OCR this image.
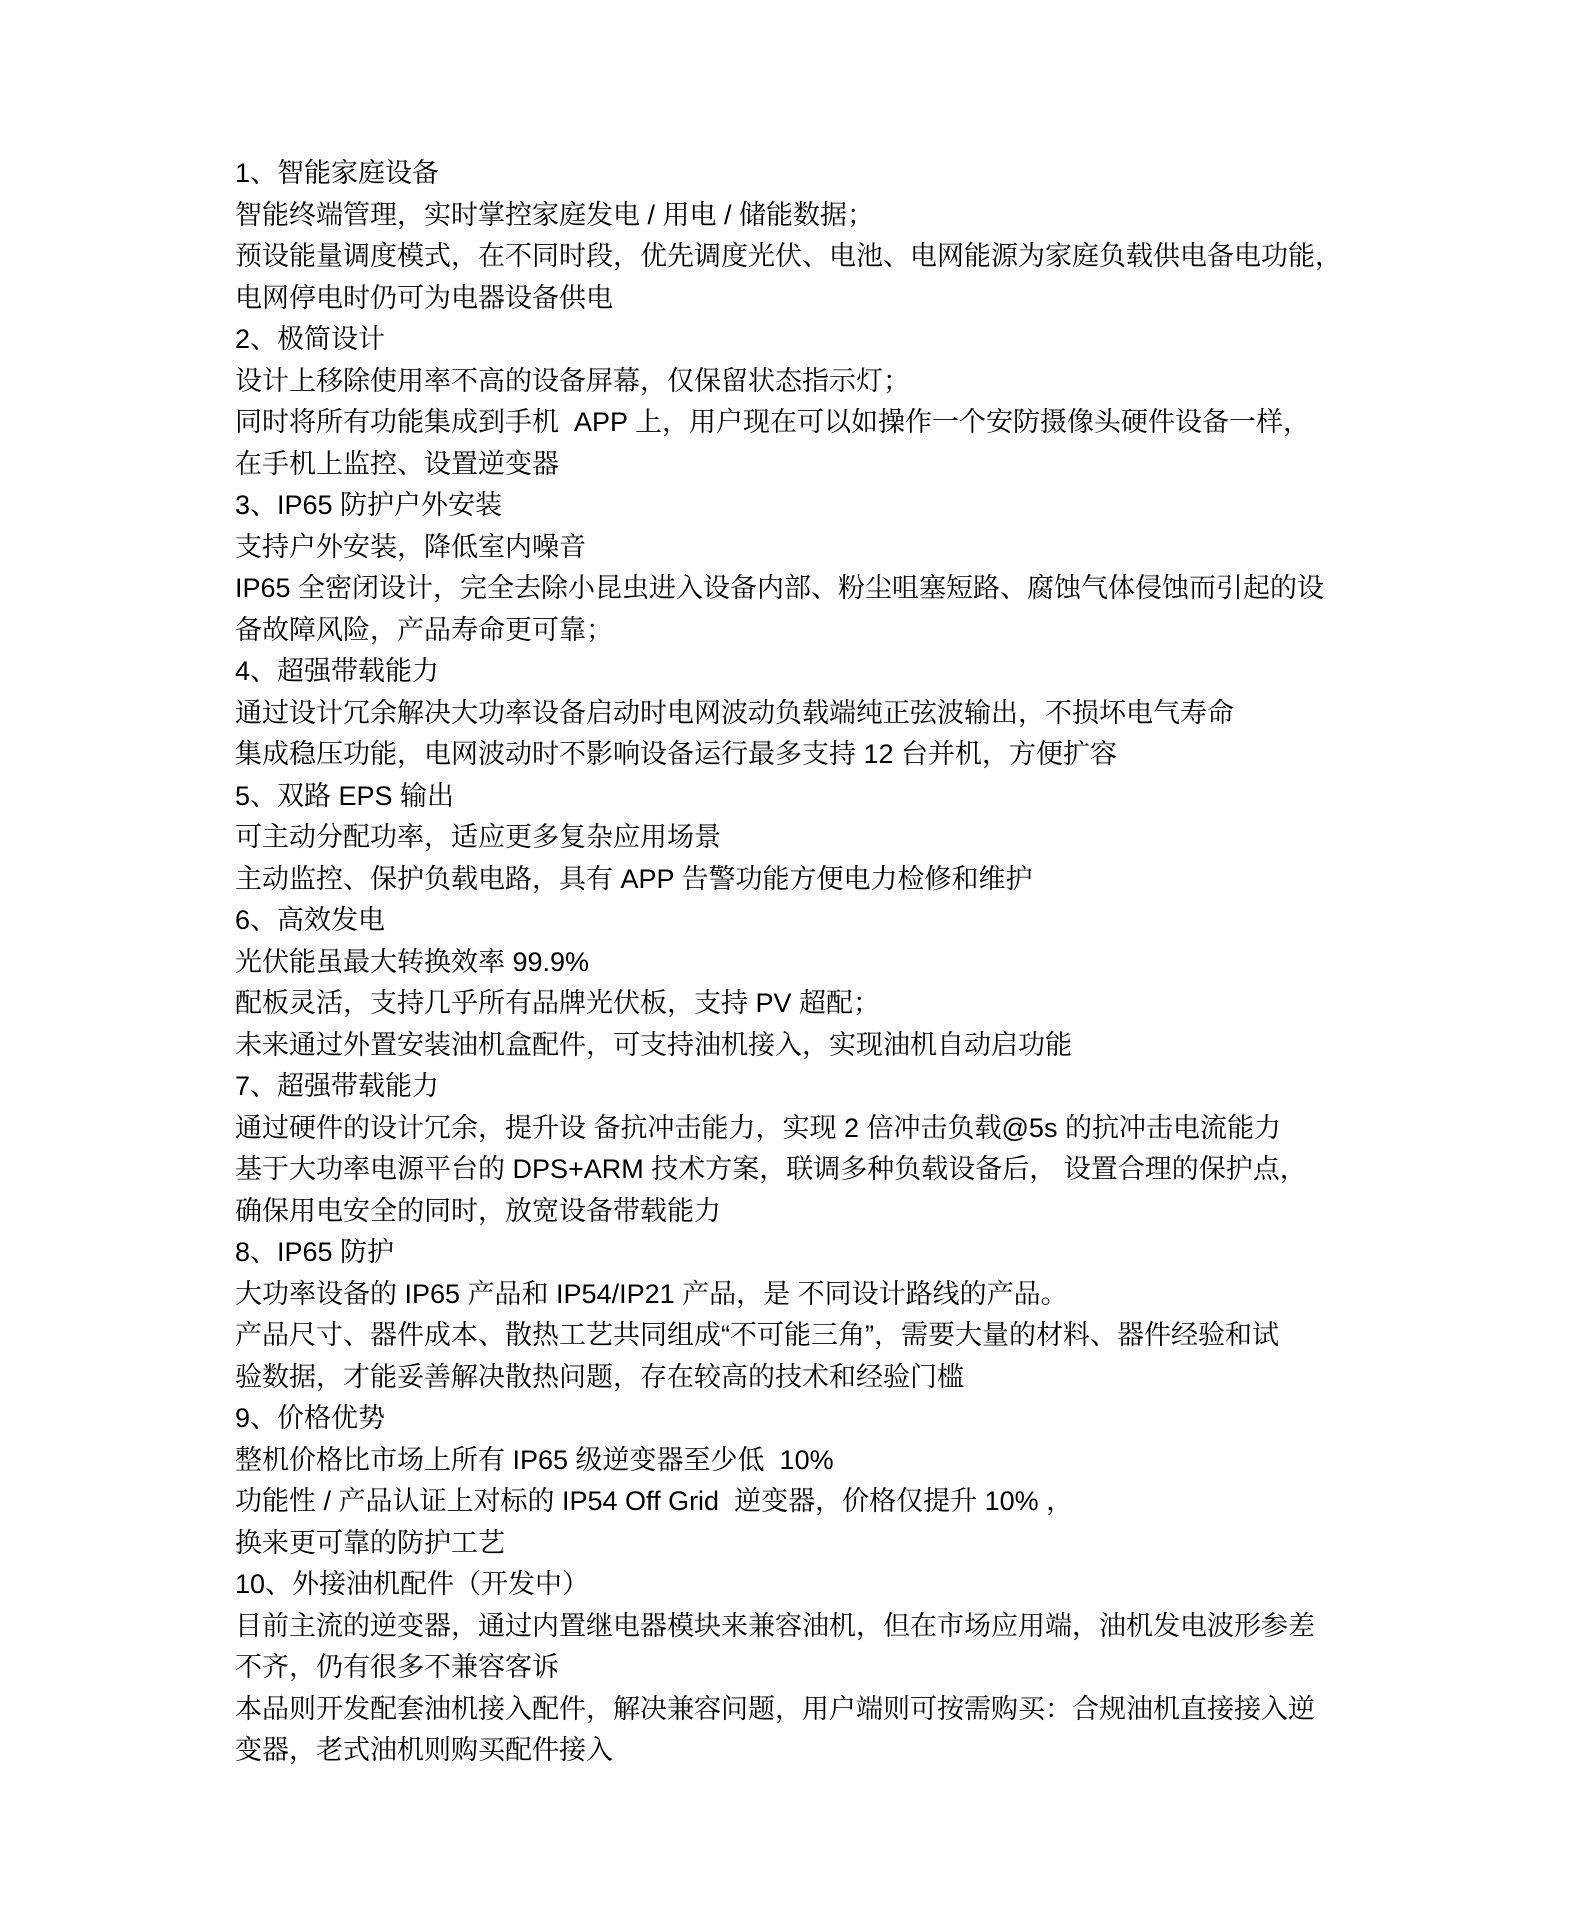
1、智能家庭设备
智能终端管理，实时掌控家庭发电 / 用电 / 储能数据；
预设能量调度模式，在不同时段，优先调度光伏、电池、电网能源为家庭负载供电备电功能，
电网停电时仍可为电器设备供电
2、极简设计
设计上移除使用率不高的设备屏幕，仅保留状态指示灯；
同时将所有功能集成到手机  APP 上，用户现在可以如操作一个安防摄像头硬件设备一样，
在手机上监控、设置逆变器
3、IP65 防护户外安装
支持户外安装，降低室内噪音
IP65 全密闭设计，完全去除小昆虫进入设备内部、粉尘咀塞短路、腐蚀气体侵蚀而引起的设
备故障风险，产品寿命更可靠；
4、超强带载能力
通过设计冗余解决大功率设备启动时电网波动负载端纯正弦波输出，不损坏电气寿命
集成稳压功能，电网波动时不影响设备运行最多支持 12 台并机，方便扩容
5、双路 EPS 输出
可主动分配功率，适应更多复杂应用场景
主动监控、保护负载电路，具有 APP 告警功能方便电力检修和维护
6、高效发电
光伏能虽最大转换效率 99.9%
配板灵活，支持几乎所有品牌光伏板，支持 PV 超配；
未来通过外置安装油机盒配件，可支持油机接入，实现油机自动启功能
7、超强带载能力
通过硬件的设计冗余，提升设 备抗冲击能力，实现 2 倍冲击负载@5s 的抗冲击电流能力
基于大功率电源平台的 DPS+ARM 技术方案，联调多种负载设备后， 设置合理的保护点，
确保用电安全的同时，放宽设备带载能力
8、IP65 防护
大功率设备的 IP65 产品和 IP54/IP21 产品，是 不同设计路线的产品。
产品尺寸、器件成本、散热工艺共同组成“不可能三角”，需要大量的材料、器件经验和试
验数据，才能妥善解决散热问题，存在较高的技术和经验门槛
9、价格优势
整机价格比市场上所有 IP65 级逆变器至少低  10%
功能性 / 产品认证上对标的 IP54 Off Grid  逆变器，价格仅提升 10% ，
换来更可靠的防护工艺
10、外接油机配件（开发中）
目前主流的逆变器，通过内置继电器模块来兼容油机，但在市场应用端，油机发电波形参差
不齐，仍有很多不兼容客诉
本品则开发配套油机接入配件，解决兼容问题，用户端则可按需购买：合规油机直接接入逆
变器，老式油机则购买配件接入
